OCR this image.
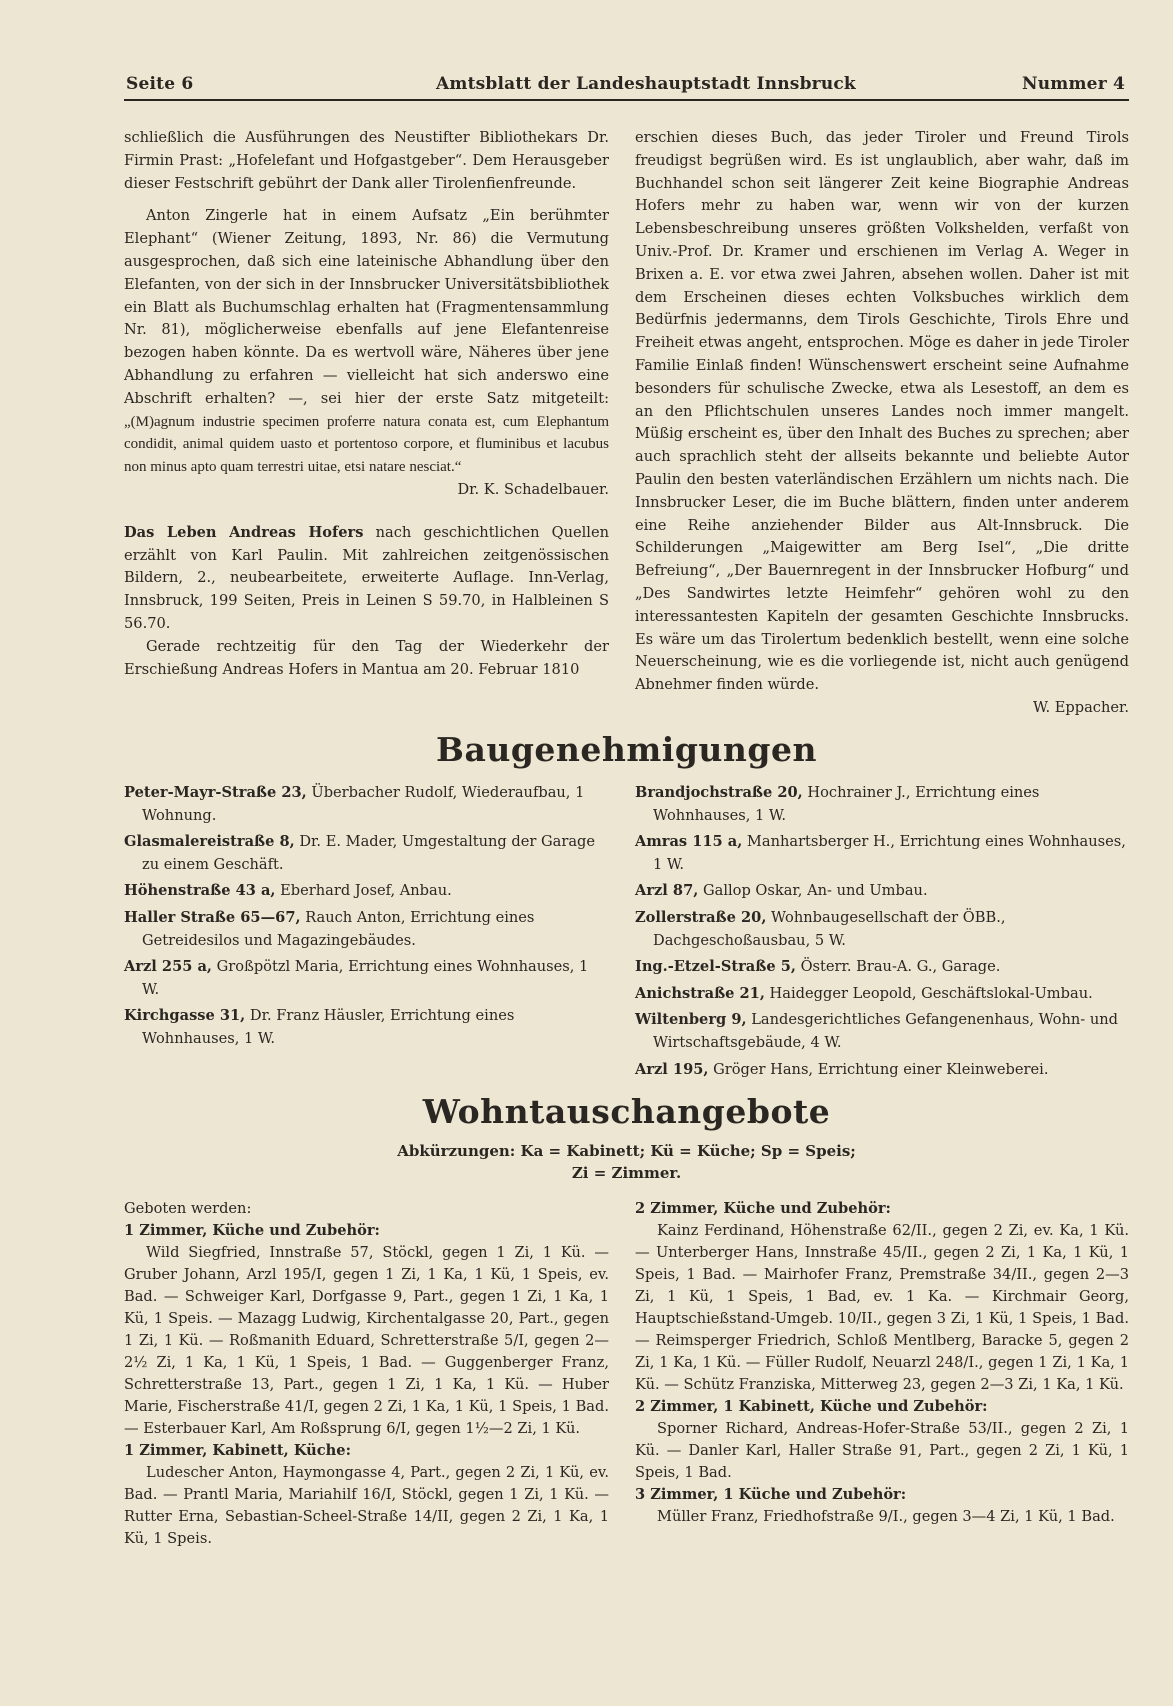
Seite 6	Amtsblatt der Landeshauptstadt Innsbruck	Nummer 4

schließlich die Ausführungen des Neustifter Bibliothekars Dr. Firmin Prast: „Hofelefant und Hofgastgeber“. Dem Herausgeber dieser Festschrift gebührt der Dank aller Tirolenfienfreunde.

Anton Zingerle hat in einem Aufsatz „Ein berühmter Elephant“ (Wiener Zeitung, 1893, Nr. 86) die Vermutung ausgesprochen, daß sich eine lateinische Abhandlung über den Elefanten, von der sich in der Innsbrucker Universitätsbibliothek ein Blatt als Buchumschlag erhalten hat (Fragmentensammlung Nr. 81), möglicherweise ebenfalls auf jene Elefantenreise bezogen haben könnte. Da es wertvoll wäre, Näheres über jene Abhandlung zu erfahren — vielleicht hat sich anderswo eine Abschrift erhalten? —, sei hier der erste Satz mitgeteilt: „(M)agnum industrie specimen proferre natura conata est, cum Elephantum condidit, animal quidem uasto et portentoso corpore, et fluminibus et lacubus non minus apto quam terrestri uitae, etsi natare nesciat.“

Dr. K. Schadelbauer.

Das Leben Andreas Hofers nach geschichtlichen Quellen erzählt von Karl Paulin. Mit zahlreichen zeitgenössischen Bildern, 2., neubearbeitete, erweiterte Auflage. Inn-Verlag, Innsbruck, 199 Seiten, Preis in Leinen S 59.70, in Halbleinen S 56.70.

Gerade rechtzeitig für den Tag der Wiederkehr der Erschießung Andreas Hofers in Mantua am 20. Februar 1810

erschien dieses Buch, das jeder Tiroler und Freund Tirols freudigst begrüßen wird. Es ist unglaublich, aber wahr, daß im Buchhandel schon seit längerer Zeit keine Biographie Andreas Hofers mehr zu haben war, wenn wir von der kurzen Lebensbeschreibung unseres größten Volkshelden, verfaßt von Univ.-Prof. Dr. Kramer und erschienen im Verlag A. Weger in Brixen a. E. vor etwa zwei Jahren, absehen wollen. Daher ist mit dem Erscheinen dieses echten Volksbuches wirklich dem Bedürfnis jedermanns, dem Tirols Geschichte, Tirols Ehre und Freiheit etwas angeht, entsprochen. Möge es daher in jede Tiroler Familie Einlaß finden! Wünschenswert erscheint seine Aufnahme besonders für schulische Zwecke, etwa als Lesestoff, an dem es an den Pflichtschulen unseres Landes noch immer mangelt. Müßig erscheint es, über den Inhalt des Buches zu sprechen; aber auch sprachlich steht der allseits bekannte und beliebte Autor Paulin den besten vaterländischen Erzählern um nichts nach. Die Innsbrucker Leser, die im Buche blättern, finden unter anderem eine Reihe anziehender Bilder aus Alt-Innsbruck. Die Schilderungen „Maigewitter am Berg Isel“, „Die dritte Befreiung“, „Der Bauernregent in der Innsbrucker Hofburg“ und „Des Sandwirtes letzte Heimfehr“ gehören wohl zu den interessantesten Kapiteln der gesamten Geschichte Innsbrucks. Es wäre um das Tirolertum bedenklich bestellt, wenn eine solche Neuerscheinung, wie es die vorliegende ist, nicht auch genügend Abnehmer finden würde.

W. Eppacher.

Baugenehmigungen
Peter-Mayr-Straße 23, Überbacher Rudolf, Wiederaufbau, 1 Wohnung.
Glasmalereistraße 8, Dr. E. Mader, Umgestaltung der Garage zu einem Geschäft.
Höhenstraße 43 a, Eberhard Josef, Anbau.
Haller Straße 65—67, Rauch Anton, Errichtung eines Getreidesilos und Magazingebäudes.
Arzl 255 a, Großpötzl Maria, Errichtung eines Wohnhauses, 1 W.
Kirchgasse 31, Dr. Franz Häusler, Errichtung eines Wohnhauses, 1 W.
Brandjochstraße 20, Hochrainer J., Errichtung eines Wohnhauses, 1 W.
Amras 115 a, Manhartsberger H., Errichtung eines Wohnhauses, 1 W.
Arzl 87, Gallop Oskar, An- und Umbau.
Zollerstraße 20, Wohnbaugesellschaft der ÖBB., Dachgeschoßausbau, 5 W.
Ing.-Etzel-Straße 5, Österr. Brau-A. G., Garage.
Anichstraße 21, Haidegger Leopold, Geschäftslokal-Umbau.
Wiltenberg 9, Landesgerichtliches Gefangenenhaus, Wohn- und Wirtschaftsgebäude, 4 W.
Arzl 195, Gröger Hans, Errichtung einer Kleinweberei.
Wohntauschangebote
Abkürzungen: Ka = Kabinett; Kü = Küche; Sp = Speis;
Zi = Zimmer.

Geboten werden:

1 Zimmer, Küche und Zubehör:

Wild Siegfried, Innstraße 57, Stöckl, gegen 1 Zi, 1 Kü. — Gruber Johann, Arzl 195/I, gegen 1 Zi, 1 Ka, 1 Kü, 1 Speis, ev. Bad. — Schweiger Karl, Dorfgasse 9, Part., gegen 1 Zi, 1 Ka, 1 Kü, 1 Speis. — Mazagg Ludwig, Kirchentalgasse 20, Part., gegen 1 Zi, 1 Kü. — Roßmanith Eduard, Schretterstraße 5/I, gegen 2—2½ Zi, 1 Ka, 1 Kü, 1 Speis, 1 Bad. — Guggenberger Franz, Schretterstraße 13, Part., gegen 1 Zi, 1 Ka, 1 Kü. — Huber Marie, Fischerstraße 41/I, gegen 2 Zi, 1 Ka, 1 Kü, 1 Speis, 1 Bad. — Esterbauer Karl, Am Roßsprung 6/I, gegen 1½—2 Zi, 1 Kü.

1 Zimmer, Kabinett, Küche:

Ludescher Anton, Haymongasse 4, Part., gegen 2 Zi, 1 Kü, ev. Bad. — Prantl Maria, Mariahilf 16/I, Stöckl, gegen 1 Zi, 1 Kü. — Rutter Erna, Sebastian-Scheel-Straße 14/II, gegen 2 Zi, 1 Ka, 1 Kü, 1 Speis.

2 Zimmer, Küche und Zubehör:

Kainz Ferdinand, Höhenstraße 62/II., gegen 2 Zi, ev. Ka, 1 Kü. — Unterberger Hans, Innstraße 45/II., gegen 2 Zi, 1 Ka, 1 Kü, 1 Speis, 1 Bad. — Mairhofer Franz, Premstraße 34/II., gegen 2—3 Zi, 1 Kü, 1 Speis, 1 Bad, ev. 1 Ka. — Kirchmair Georg, Hauptschießstand-Umgeb. 10/II., gegen 3 Zi, 1 Kü, 1 Speis, 1 Bad. — Reimsperger Friedrich, Schloß Mentlberg, Baracke 5, gegen 2 Zi, 1 Ka, 1 Kü. — Füller Rudolf, Neuarzl 248/I., gegen 1 Zi, 1 Ka, 1 Kü. — Schütz Franziska, Mitterweg 23, gegen 2—3 Zi, 1 Ka, 1 Kü.

2 Zimmer, 1 Kabinett, Küche und Zubehör:

Sporner Richard, Andreas-Hofer-Straße 53/II., gegen 2 Zi, 1 Kü. — Danler Karl, Haller Straße 91, Part., gegen 2 Zi, 1 Kü, 1 Speis, 1 Bad.

3 Zimmer, 1 Küche und Zubehör:

Müller Franz, Friedhofstraße 9/I., gegen 3—4 Zi, 1 Kü, 1 Bad.
